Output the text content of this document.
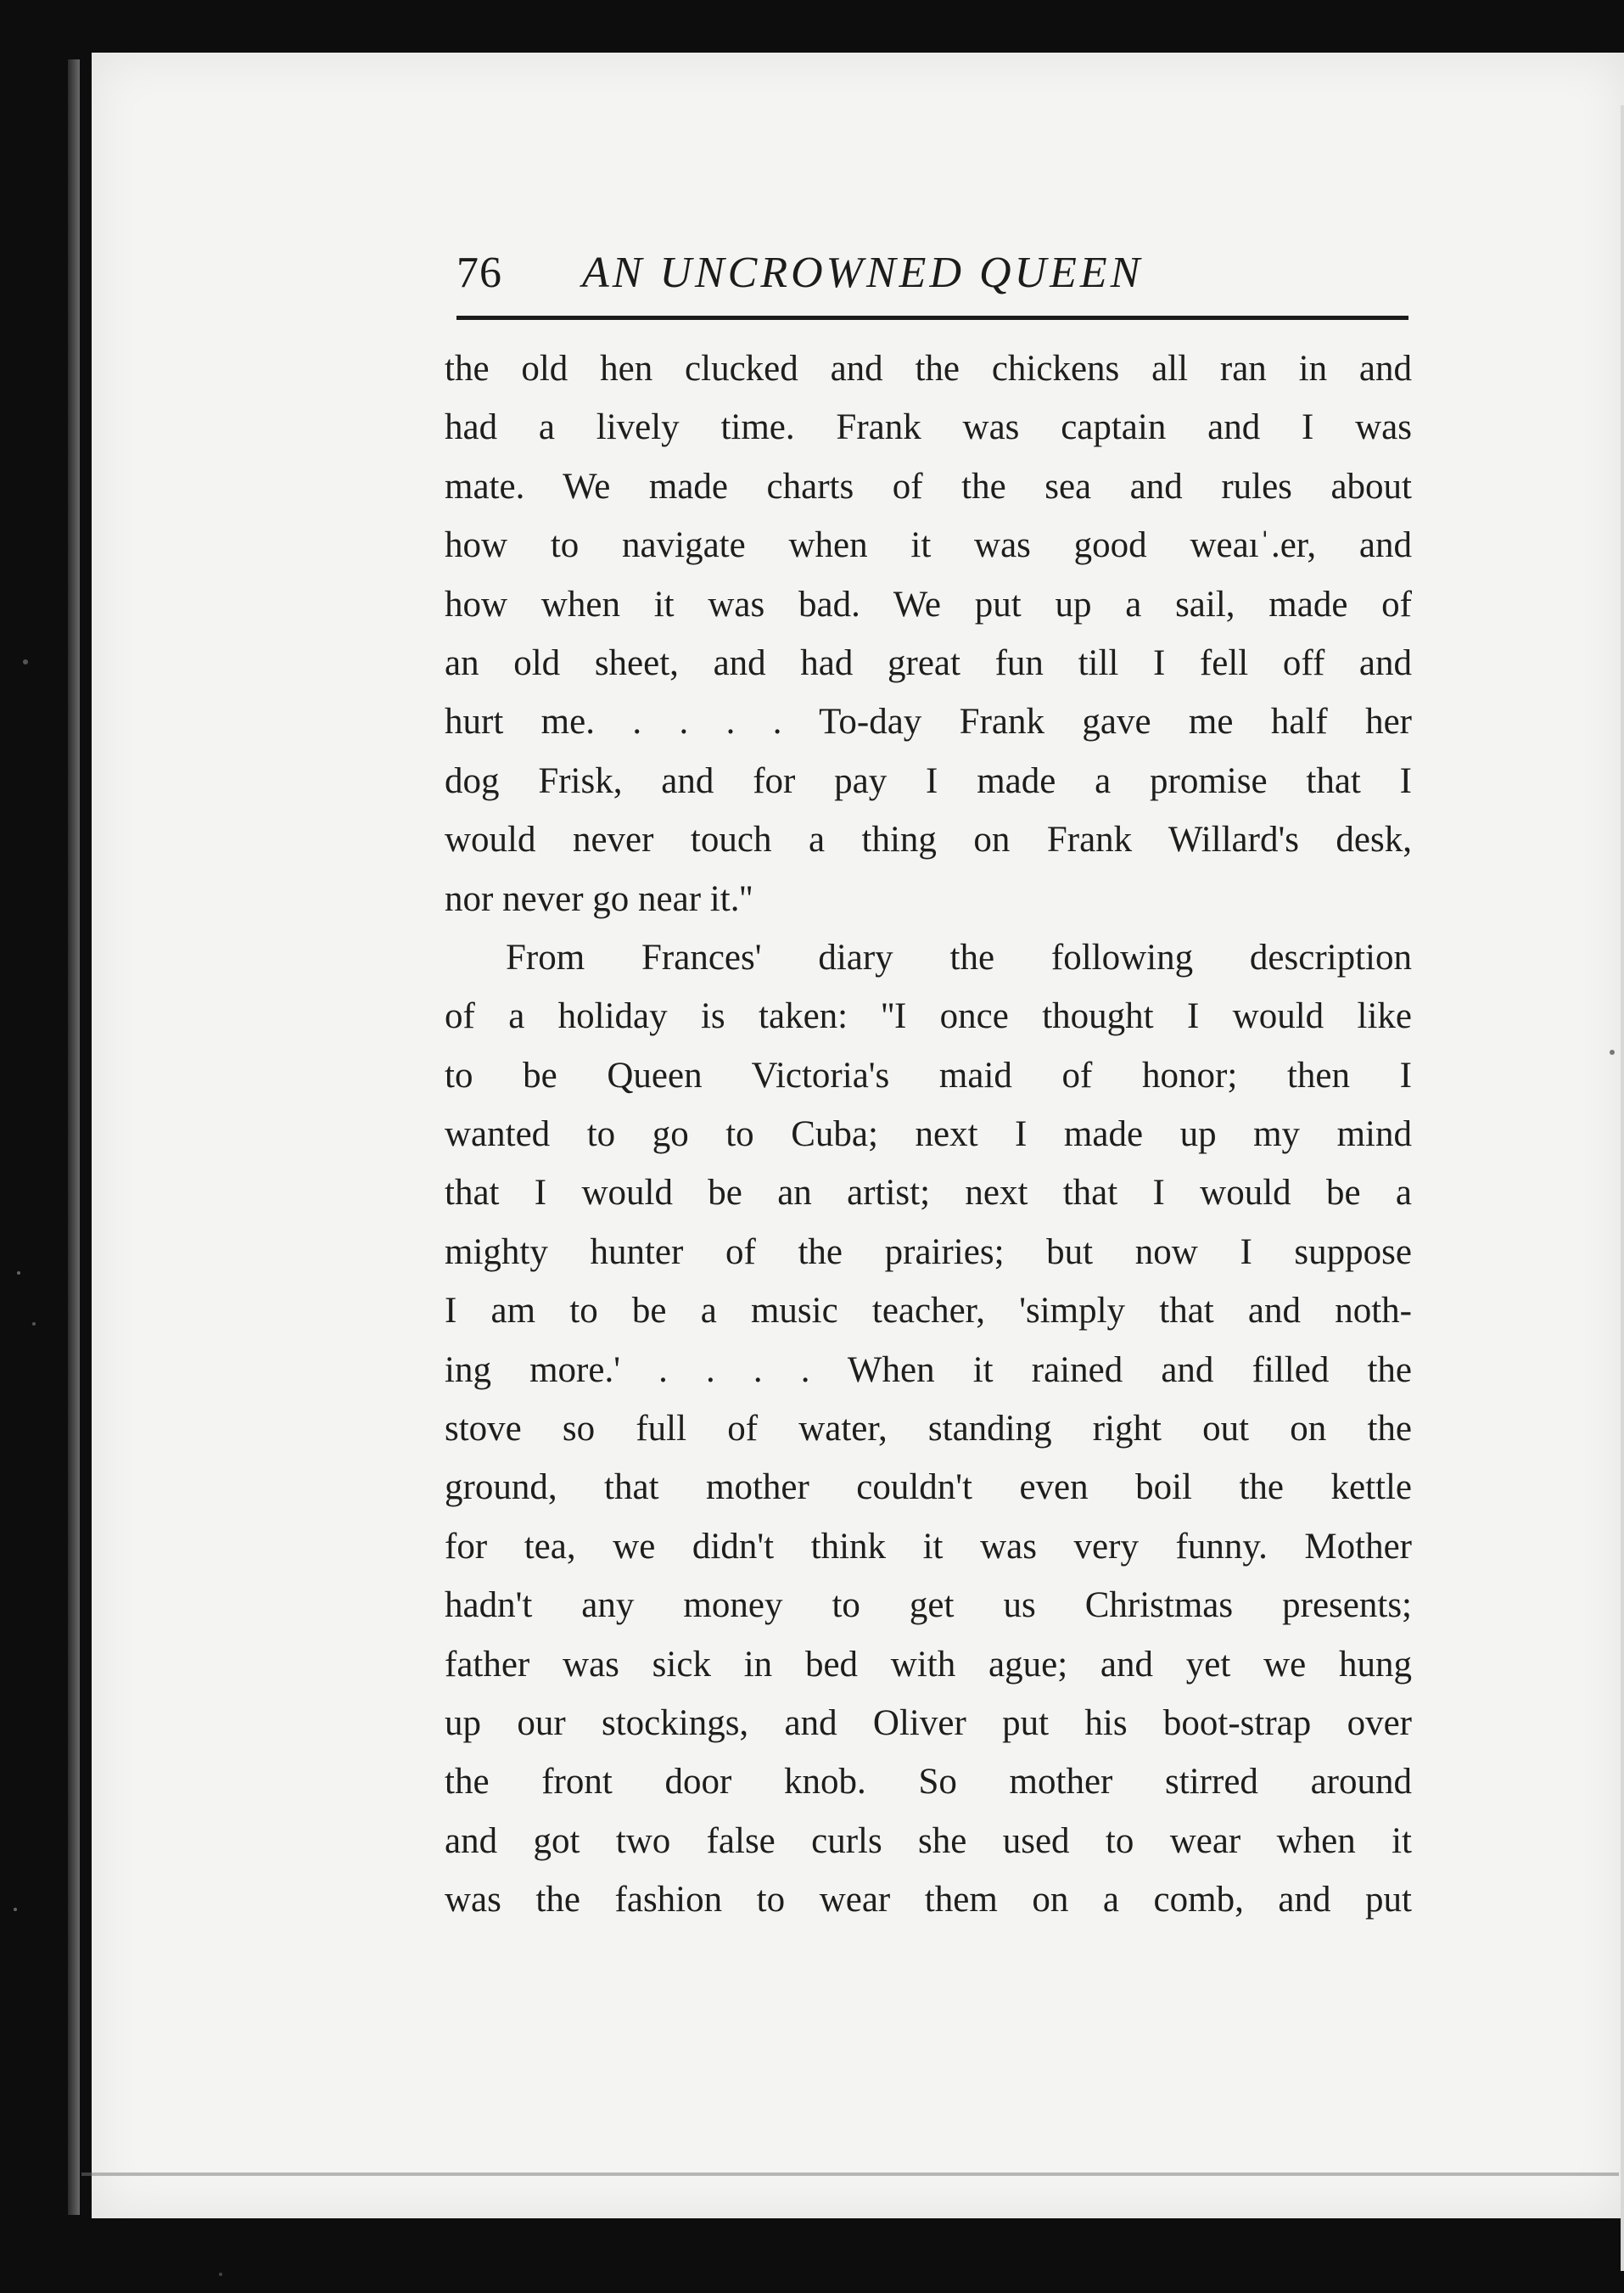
76 AN UNCROWNED QUEEN
the old hen clucked and the chickens all ran in and
had a lively time. Frank was captain and I was
mate. We made charts of the sea and rules about
how to navigate when it was good weaıˈ.er, and
how when it was bad. We put up a sail, made of
an old sheet, and had great fun till I fell off and
hurt me. . . . . To-day Frank gave me half her
dog Frisk, and for pay I made a promise that I
would never touch a thing on Frank Willard's desk,
nor never go near it.''
From Frances' diary the following description
of a holiday is taken: ''I once thought I would like
to be Queen Victoria's maid of honor; then I
wanted to go to Cuba; next I made up my mind
that I would be an artist; next that I would be a
mighty hunter of the prairies; but now I suppose
I am to be a music teacher, 'simply that and noth-
ing more.' . . . . When it rained and filled the
stove so full of water, standing right out on the
ground, that mother couldn't even boil the kettle
for tea, we didn't think it was very funny. Mother
hadn't any money to get us Christmas presents;
father was sick in bed with ague; and yet we hung
up our stockings, and Oliver put his boot-strap over
the front door knob. So mother stirred around
and got two false curls she used to wear when it
was the fashion to wear them on a comb, and put
